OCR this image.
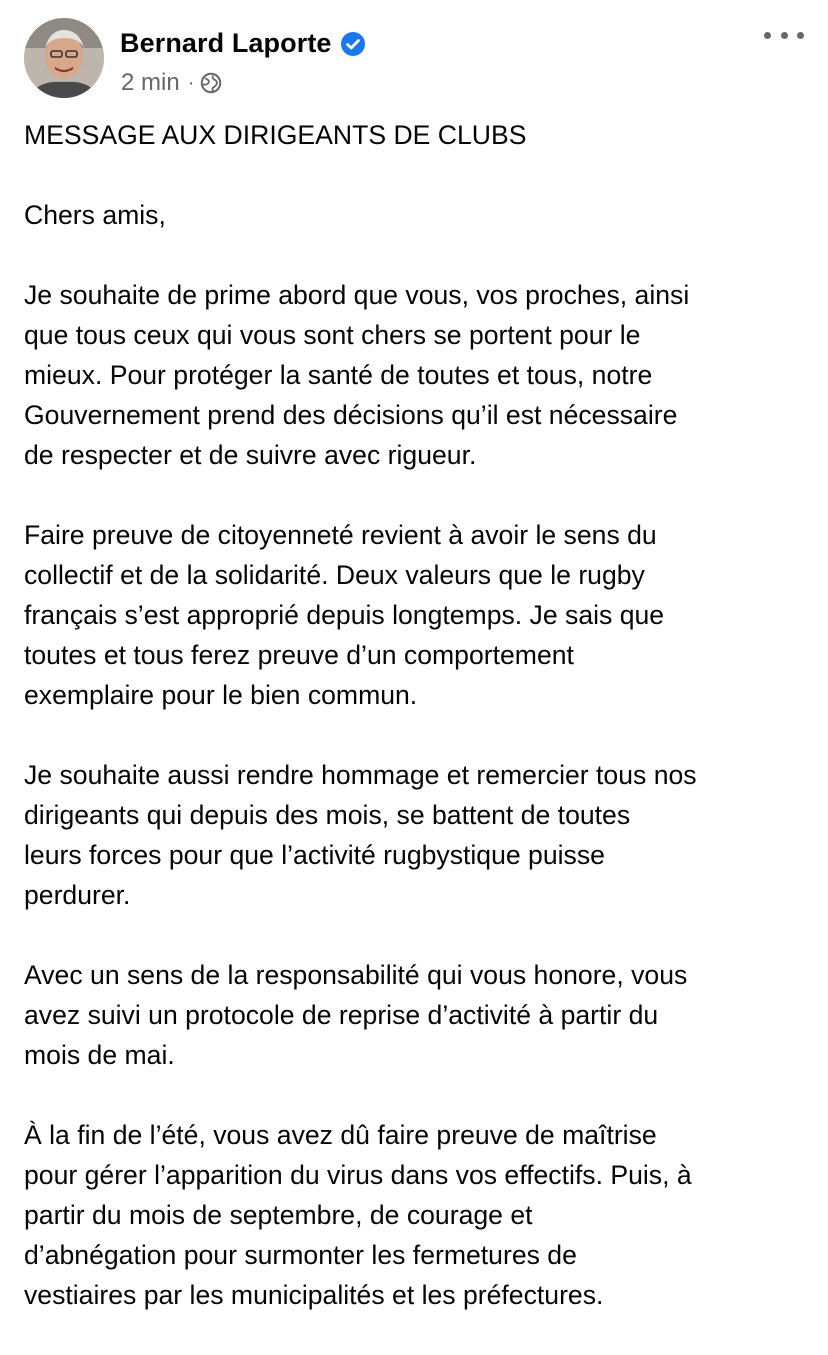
Bernard Laporte
2 min ·

MESSAGE AUX DIRIGEANTS DE CLUBS

Chers amis,

Je souhaite de prime abord que vous, vos proches, ainsi
que tous ceux qui vous sont chers se portent pour le
mieux. Pour protéger la santé de toutes et tous, notre
Gouvernement prend des décisions qu’il est nécessaire
de respecter et de suivre avec rigueur.

Faire preuve de citoyenneté revient à avoir le sens du
collectif et de la solidarité. Deux valeurs que le rugby
français s’est approprié depuis longtemps. Je sais que
toutes et tous ferez preuve d’un comportement
exemplaire pour le bien commun.

Je souhaite aussi rendre hommage et remercier tous nos
dirigeants qui depuis des mois, se battent de toutes
leurs forces pour que l’activité rugbystique puisse
perdurer.

Avec un sens de la responsabilité qui vous honore, vous
avez suivi un protocole de reprise d’activité à partir du
mois de mai.

À la fin de l’été, vous avez dû faire preuve de maîtrise
pour gérer l’apparition du virus dans vos effectifs. Puis, à
partir du mois de septembre, de courage et
d’abnégation pour surmonter les fermetures de
vestiaires par les municipalités et les préfectures.
